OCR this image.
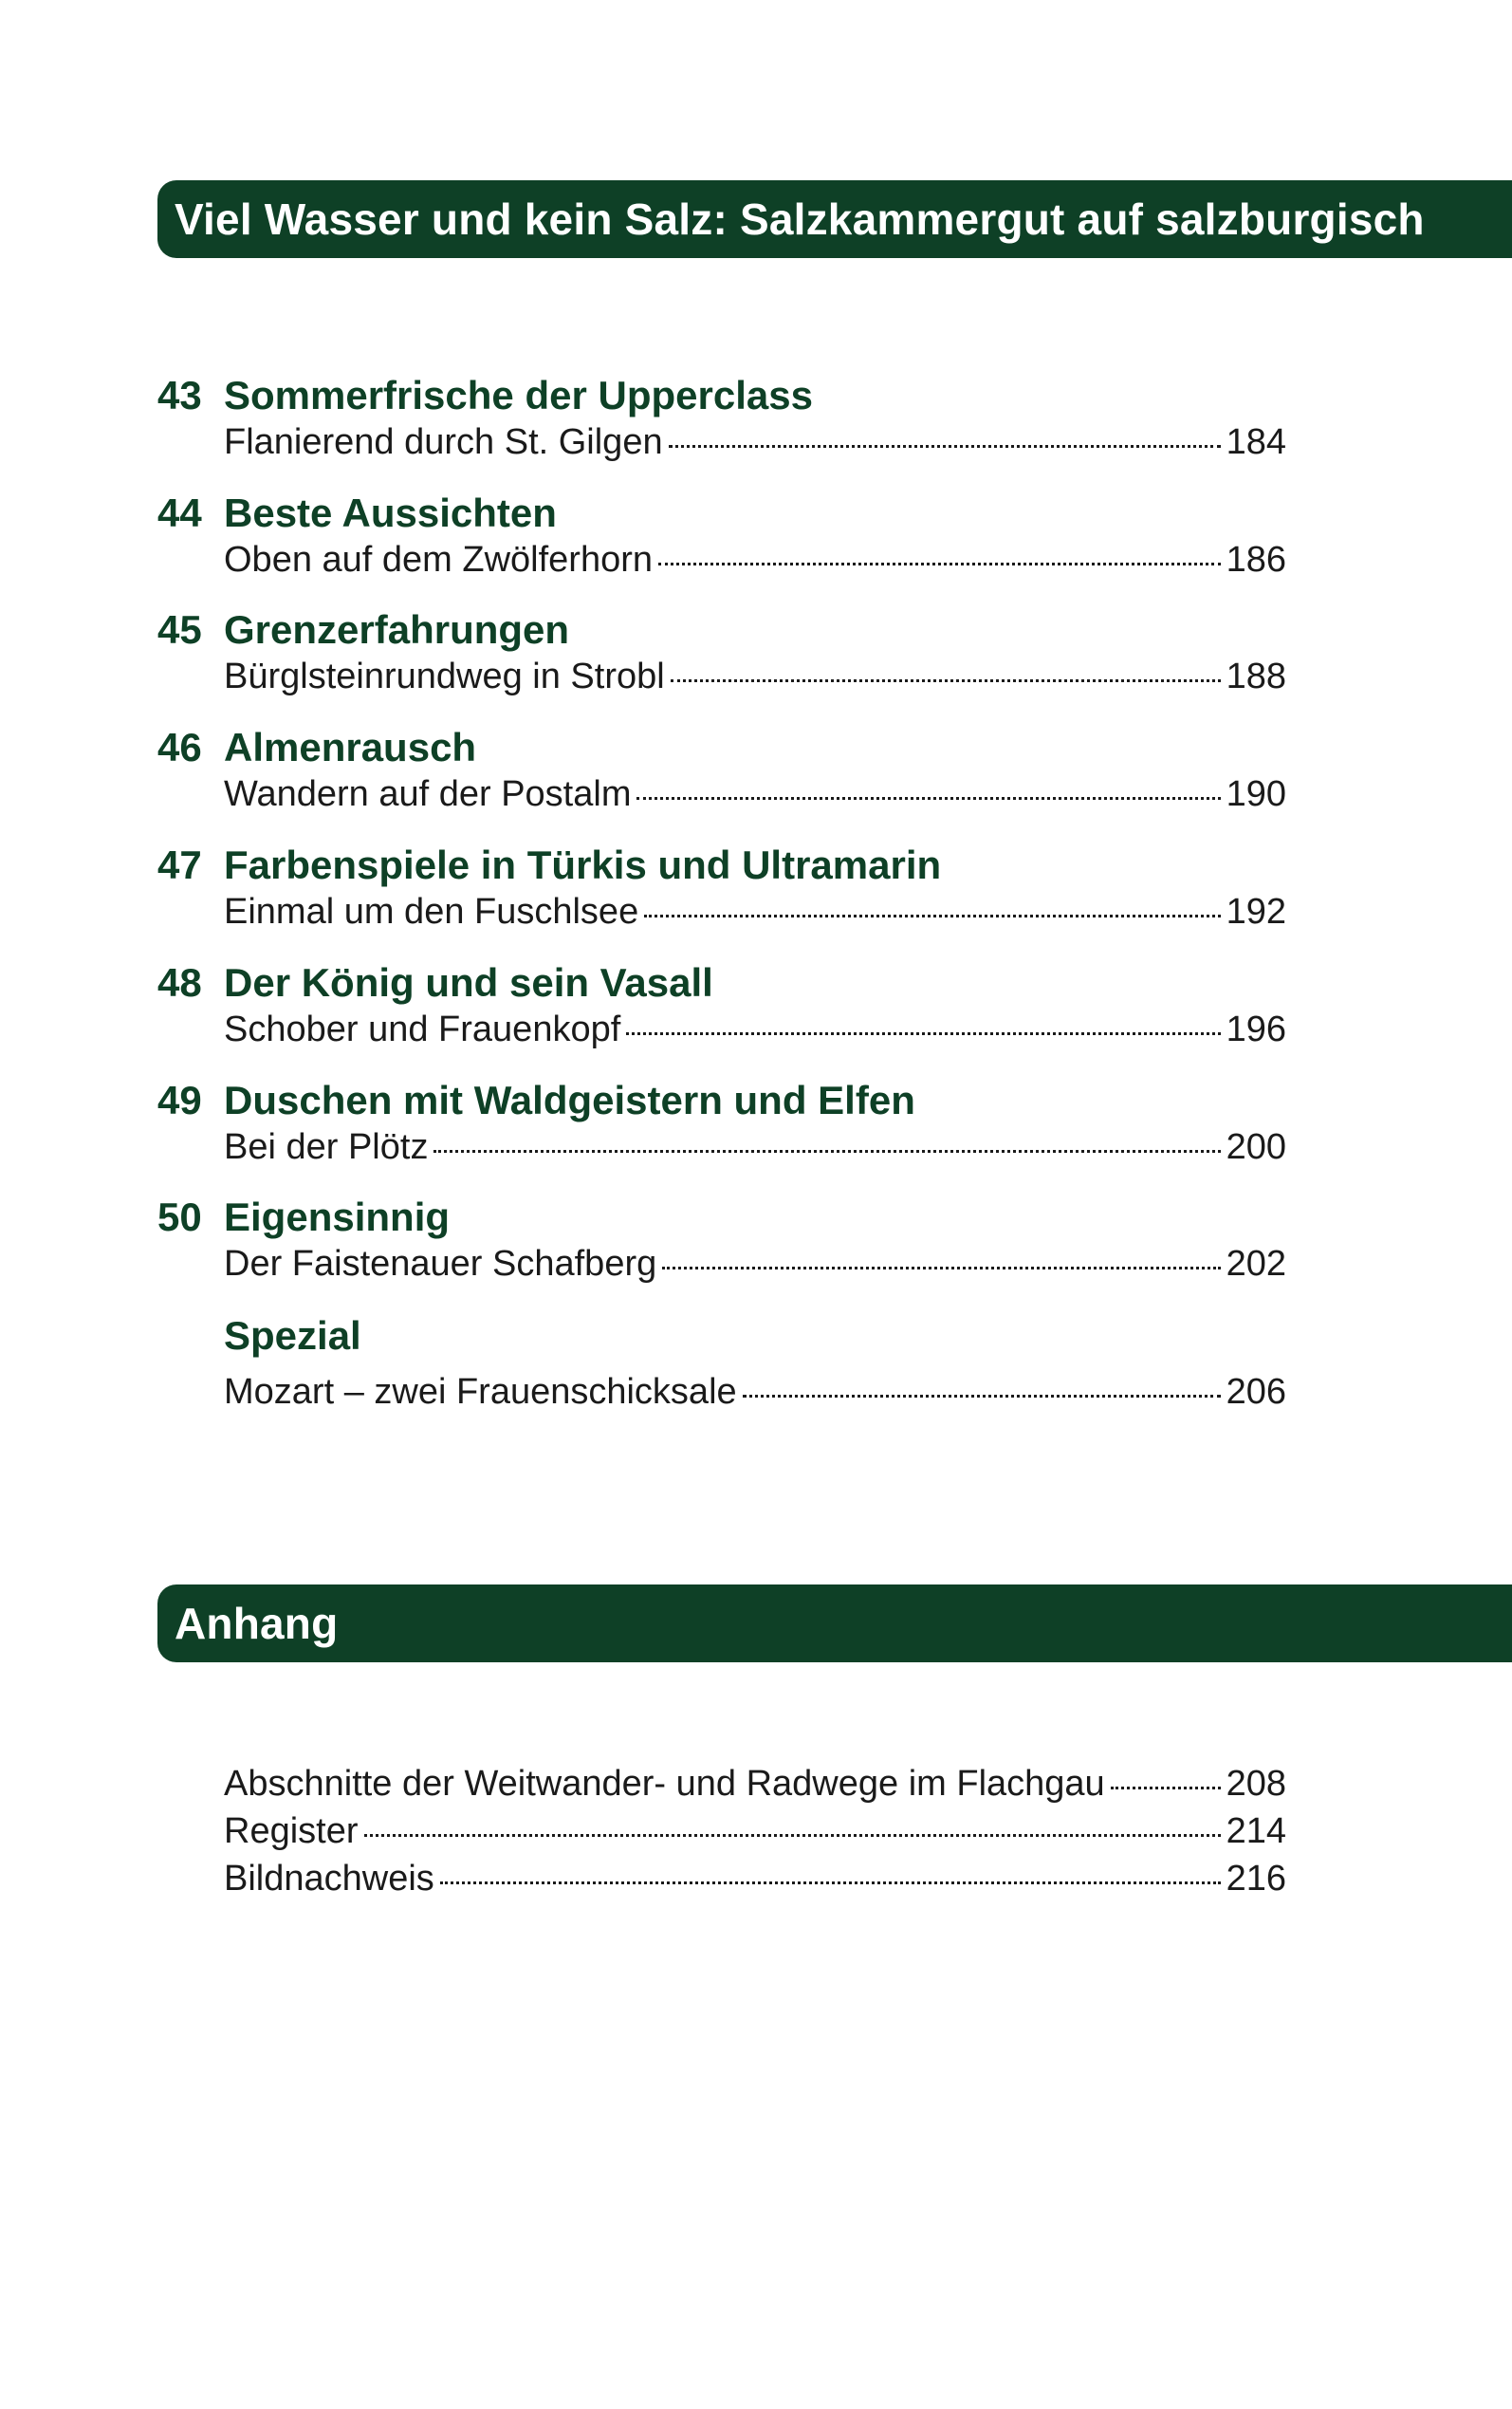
Viel Wasser und kein Salz: Salzkammergut auf salzburgisch
43 Sommerfrische der Upperclass
Flanierend durch St. Gilgen	184
44 Beste Aussichten
Oben auf dem Zwölferhorn	186
45 Grenzerfahrungen
Bürglsteinrundweg in Strobl	188
46 Almenrausch
Wandern auf der Postalm	190
47 Farbenspiele in Türkis und Ultramarin
Einmal um den Fuschlsee	192
48 Der König und sein Vasall
Schober und Frauenkopf	196
49 Duschen mit Waldgeistern und Elfen
Bei der Plötz	200
50 Eigensinnig
Der Faistenauer Schafberg	202
Spezial
Mozart – zwei Frauenschicksale	206
Anhang
Abschnitte der Weitwander- und Radwege im Flachgau	208
Register	214
Bildnachweis	216
